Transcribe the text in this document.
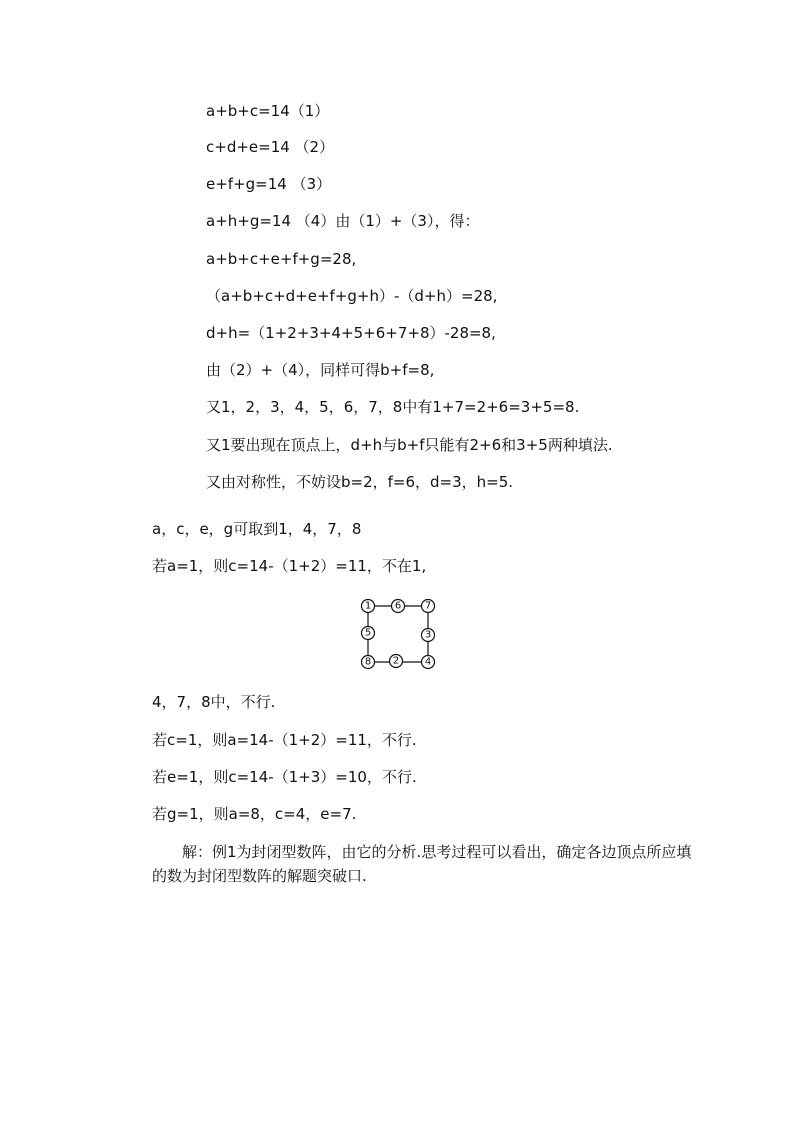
a+b+c=14（1）
c+d+e=14 （2）
e+f+g=14 （3）
a+h+g=14 （4）由（1）+（3），得：
a+b+c+e+f+g=28,
（a+b+c+d+e+f+g+h）-（d+h）=28,
d+h=（1+2+3+4+5+6+7+8）-28=8,
由（2）+（4），同样可得b+f=8,
又1，2，3，4，5，6，7，8中有1+7=2+6=3+5=8.
又1要出现在顶点上，d+h与b+f只能有2+6和3+5两种填法.
又由对称性，不妨设b=2，f=6，d=3，h=5.
a，c，e，g可取到1，4，7，8
若a=1，则c=14-（1+2）=11，不在1,
1 6 7
5	3
8 2	4
4，7，8中，不行.
若c=1，则a=14-（1+2）=11，不行.
若e=1，则c=14-（1+3）=10，不行.
若g=1，则a=8，c=4，e=7.
解：例1为封闭型数阵，由它的分析.思考过程可以看出，确定各边顶点所应填的数为封闭型数阵的解题突破口.
